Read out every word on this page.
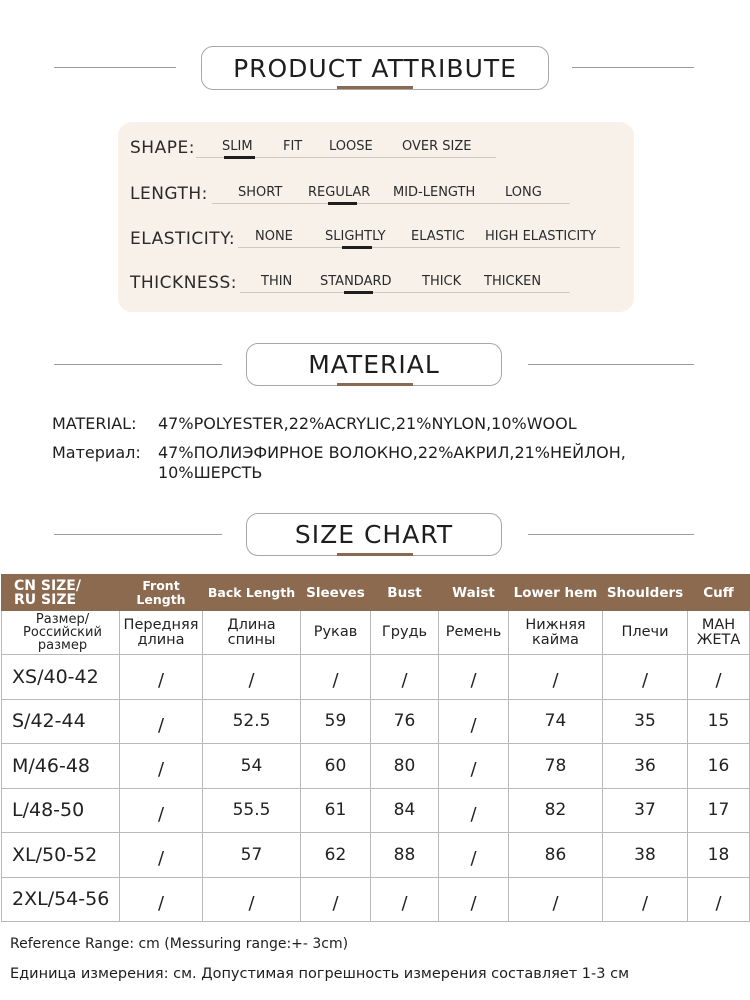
PRODUCT ATTRIBUTE
SHAPE: SLIM FIT LOOSE OVER SIZE
LENGTH: SHORT REGULAR MID-LENGTH LONG
ELASTICITY: NONE SLIGHTLY ELASTIC HIGH ELASTICITY
THICKNESS: THIN STANDARD THICK THICKEN
MATERIAL
MATERIAL: 47%POLYESTER,22%ACRYLIC,21%NYLON,10%WOOL
Материал: 47%ПОЛИЭФИРНОЕ ВОЛОКНО,22%АКРИЛ,21%НЕЙЛОН,
10%ШЕРСТЬ
SIZE CHART
CN SIZE/
RU SIZE	Front Length	Back Length	Sleeves	Bust	Waist	Lower hem	Shoulders	Cuff
Размер/
Российский
размер	Передняя
длина	Длина
спины	Рукав	Грудь	Ремень	Нижняя
кайма	Плечи	МАН
ЖЕТА
XS/40-42	/	/	/	/	/	/	/	/
S/42-44	/	52.5	59	76	/	74	35	15
M/46-48	/	54	60	80	/	78	36	16
L/48-50	/	55.5	61	84	/	82	37	17
XL/50-52	/	57	62	88	/	86	38	18
2XL/54-56	/	/	/	/	/	/	/	/
Reference Range: cm (Messuring range:+- 3cm)
Единица измерения: см. Допустимая погрешность измерения составляет 1-3 см
